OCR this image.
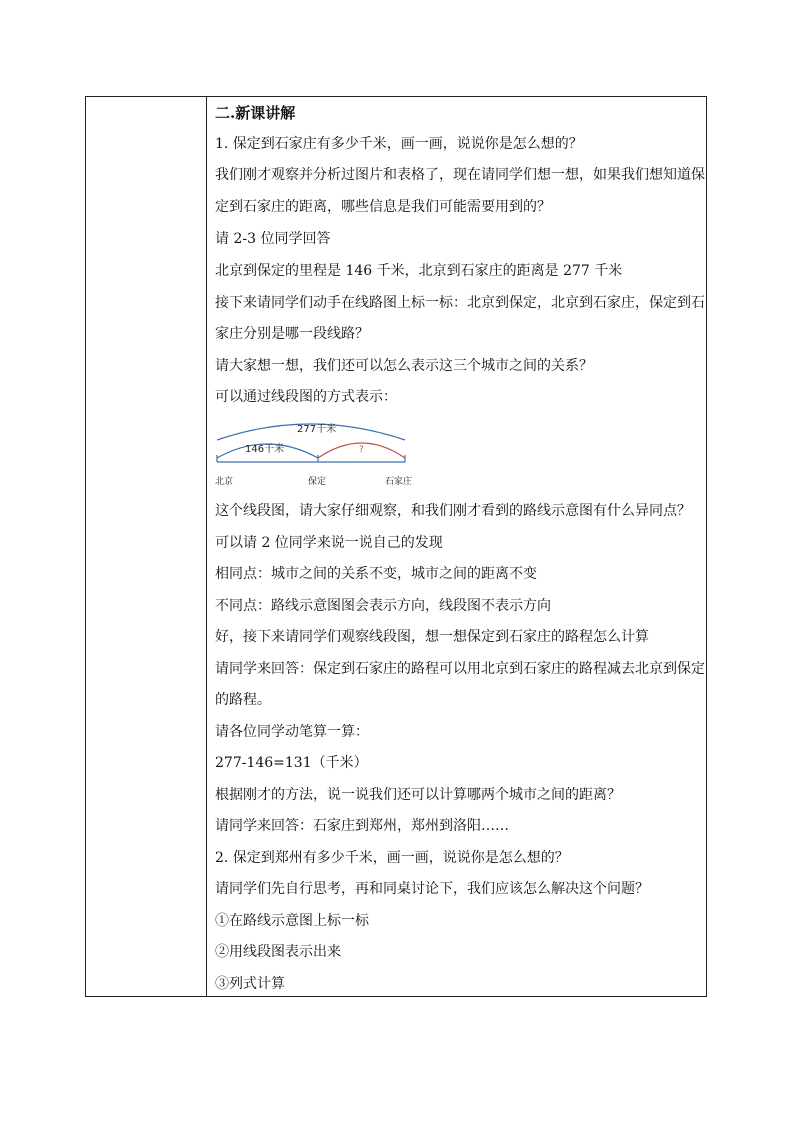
二.新课讲解
1. 保定到石家庄有多少千米，画一画，说说你是怎么想的？
我们刚才观察并分析过图片和表格了，现在请同学们想一想，如果我们想知道保
定到石家庄的距离，哪些信息是我们可能需要用到的？
请 2-3 位同学回答
北京到保定的里程是 146 千米，北京到石家庄的距离是 277 千米
接下来请同学们动手在线路图上标一标：北京到保定，北京到石家庄，保定到石
家庄分别是哪一段线路？
请大家想一想，我们还可以怎么表示这三个城市之间的关系？
可以通过线段图的方式表示：
277千米
146千米	?
北京	保定	石家庄
这个线段图，请大家仔细观察，和我们刚才看到的路线示意图有什么异同点？
可以请 2 位同学来说一说自己的发现
相同点：城市之间的关系不变，城市之间的距离不变
不同点：路线示意图图会表示方向，线段图不表示方向
好，接下来请同学们观察线段图，想一想保定到石家庄的路程怎么计算
请同学来回答：保定到石家庄的路程可以用北京到石家庄的路程减去北京到保定
的路程。
请各位同学动笔算一算：
277-146=131（千米）
根据刚才的方法，说一说我们还可以计算哪两个城市之间的距离？
请同学来回答：石家庄到郑州，郑州到洛阳……
2. 保定到郑州有多少千米，画一画，说说你是怎么想的？
请同学们先自行思考，再和同桌讨论下，我们应该怎么解决这个问题？
①在路线示意图上标一标
②用线段图表示出来
③列式计算
